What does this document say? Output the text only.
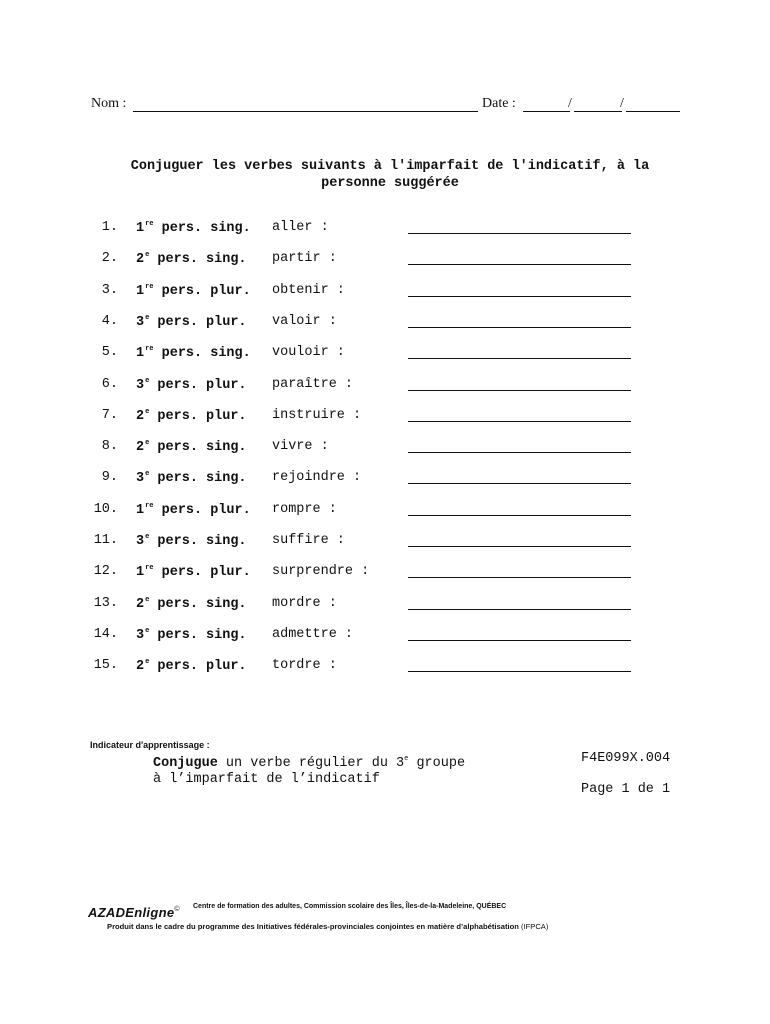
Nom :	Date :	/	/
Conjuguer les verbes suivants à l'imparfait de l'indicatif, à la
personne suggérée
1. 1re pers. sing. aller :
2. 2e pers. sing. partir :
3. 1re pers. plur. obtenir :
4. 3e pers. plur. valoir :
5. 1re pers. sing. vouloir :
6. 3e pers. plur. paraître :
7. 2e pers. plur. instruire :
8. 2e pers. sing. vivre :
9. 3e pers. sing. rejoindre :
10. 1re pers. plur. rompre :
11. 3e pers. sing. suffire :
12. 1re pers. plur. surprendre :
13. 2e pers. sing. mordre :
14. 3e pers. sing. admettre :
15. 2e pers. plur. tordre :
Indicateur d'apprentissage :
Conjugue un verbe régulier du 3e groupe
à l’imparfait de l’indicatif
F4E099X.004
Page 1 de 1
AZADEnligne© Centre de formation des adultes, Commission scolaire des Îles, Îles-de-la-Madeleine, QUÉBEC
Produit dans le cadre du programme des Initiatives fédérales-provinciales conjointes en matière d’alphabétisation (IFPCA)
